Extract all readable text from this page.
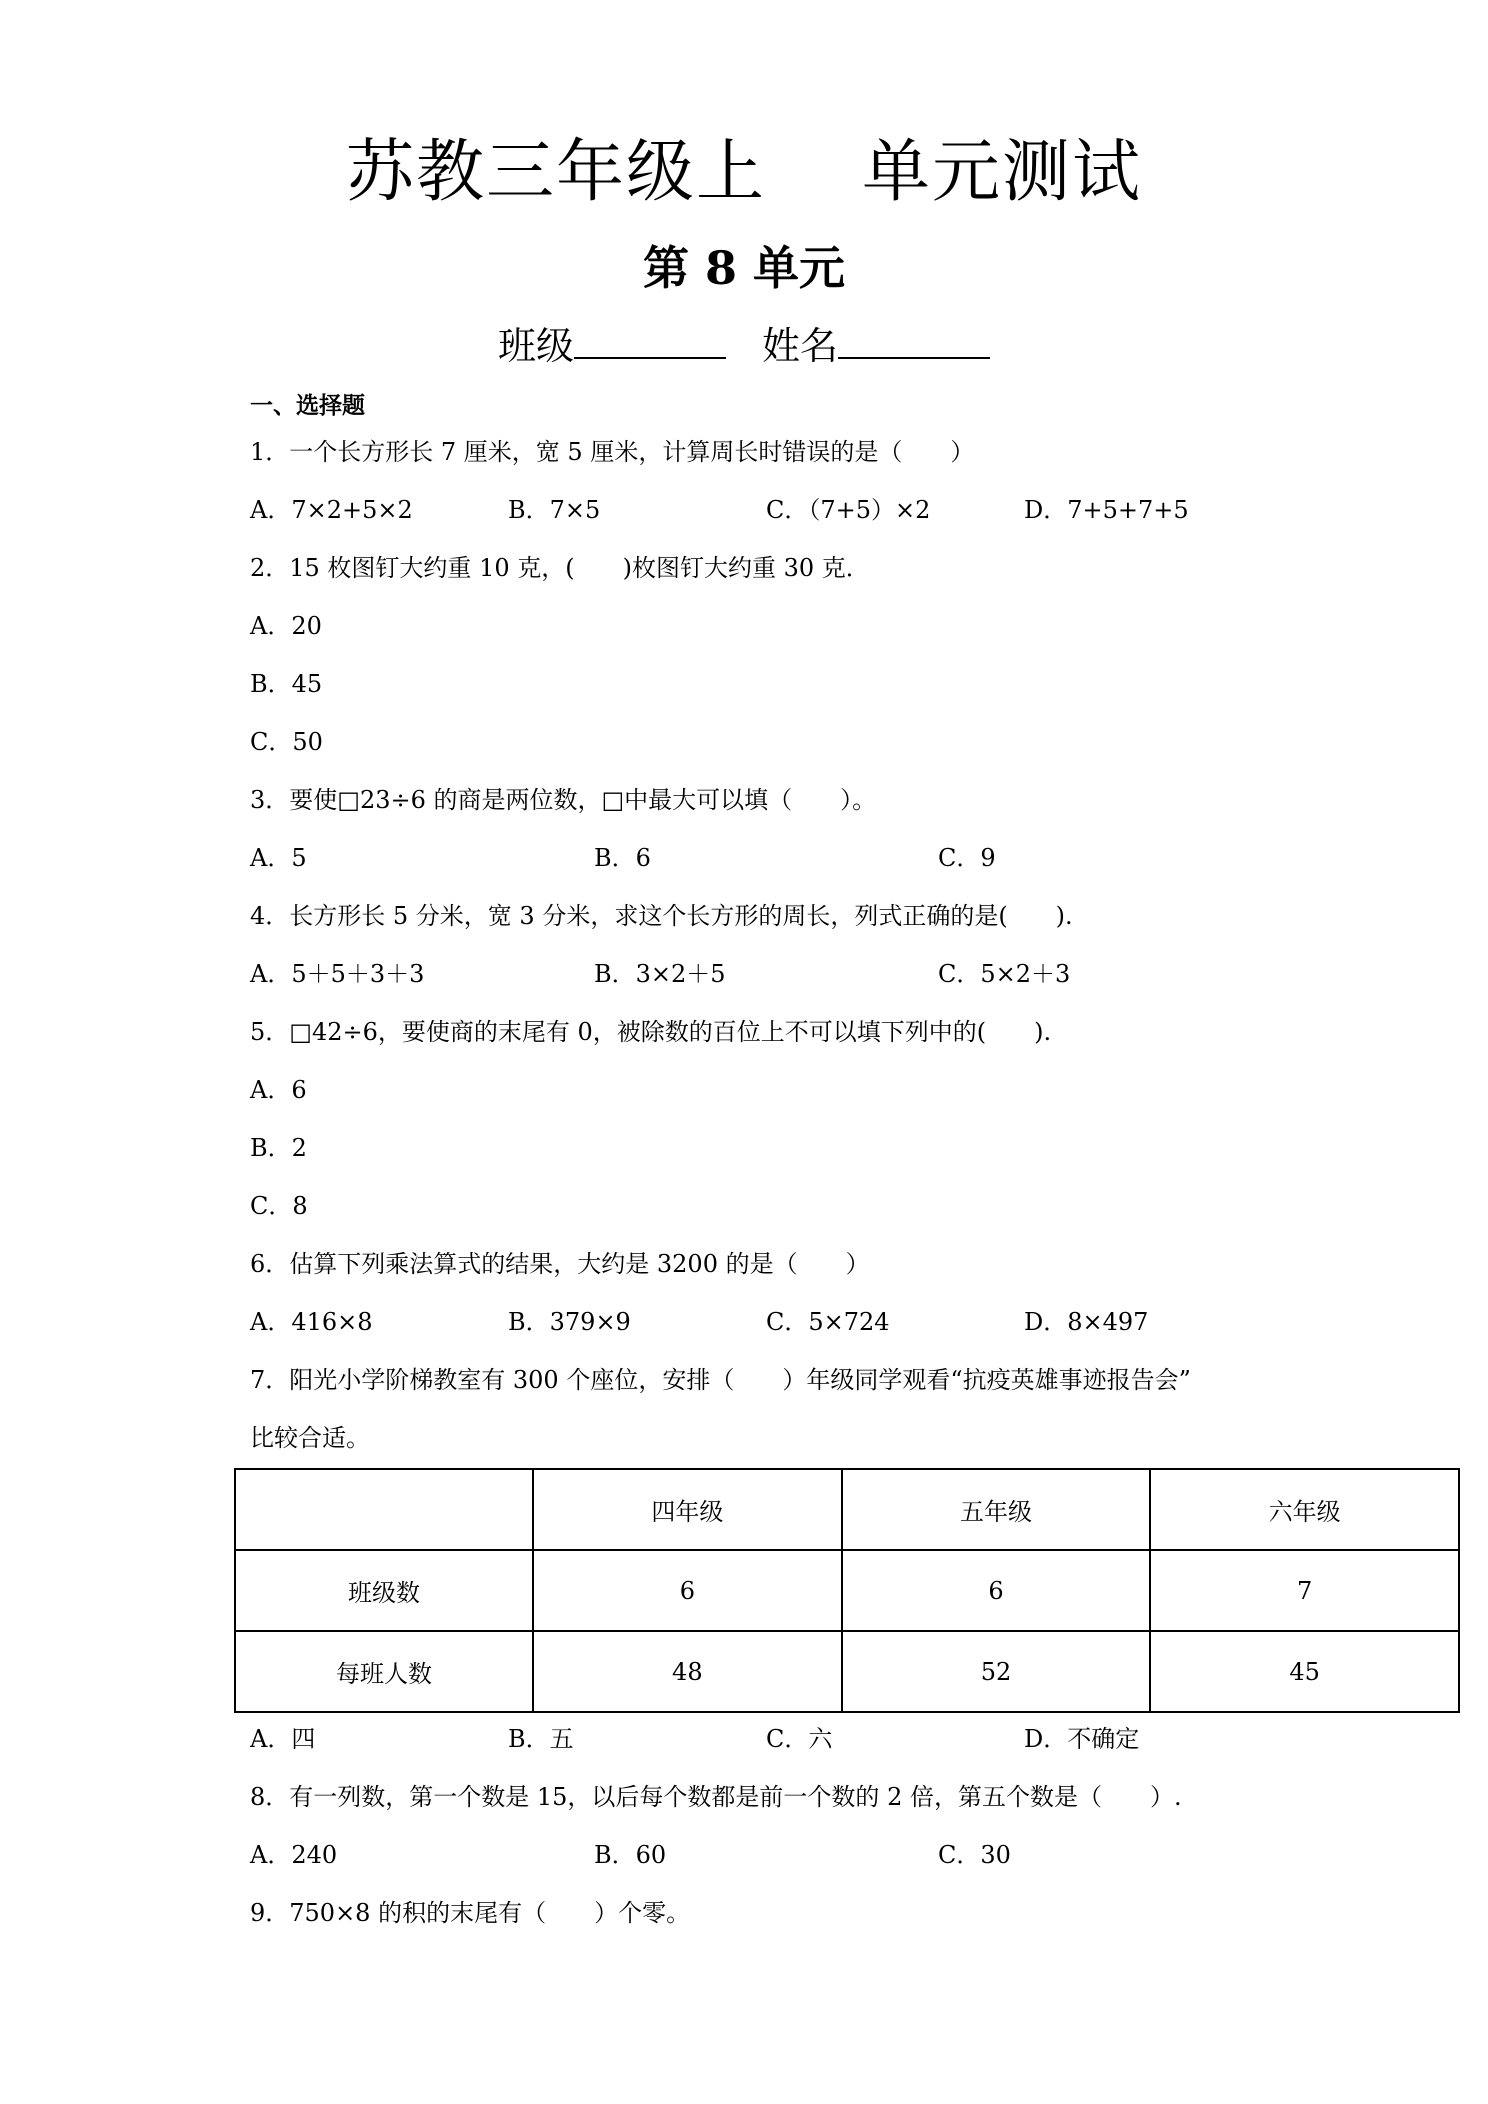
苏教三年级上 单元测试
第 8 单元
班级	姓名
一、选择题
1．一个长方形长 7 厘米，宽 5 厘米，计算周长时错误的是（　　）
A．7×2+5×2	B．7×5	C．（7+5）×2	D．7+5+7+5
2．15 枚图钉大约重 10 克，(　　)枚图钉大约重 30 克．
A．20
B．45
C．50
3．要使□23÷6 的商是两位数，□中最大可以填（　　）。
A．5	B．6	C．9
4．长方形长 5 分米，宽 3 分米，求这个长方形的周长，列式正确的是(　　).
A．5＋5＋3＋3	B．3×2＋5	C．5×2＋3
5．□42÷6，要使商的末尾有 0，被除数的百位上不可以填下列中的(　　).
A．6
B．2
C．8
6．估算下列乘法算式的结果，大约是 3200 的是（　　）
A．416×8	B．379×9	C．5×724	D．8×497
7．阳光小学阶梯教室有 300 个座位，安排（　　）年级同学观看“抗疫英雄事迹报告会”
比较合适。
	四年级	五年级	六年级
班级数	6	6	7
每班人数	48	52	45
A．四	B．五	C．六	D．不确定
8．有一列数，第一个数是 15，以后每个数都是前一个数的 2 倍，第五个数是（　　）.
A．240	B．60	C．30
9．750×8 的积的末尾有（　　）个零。
